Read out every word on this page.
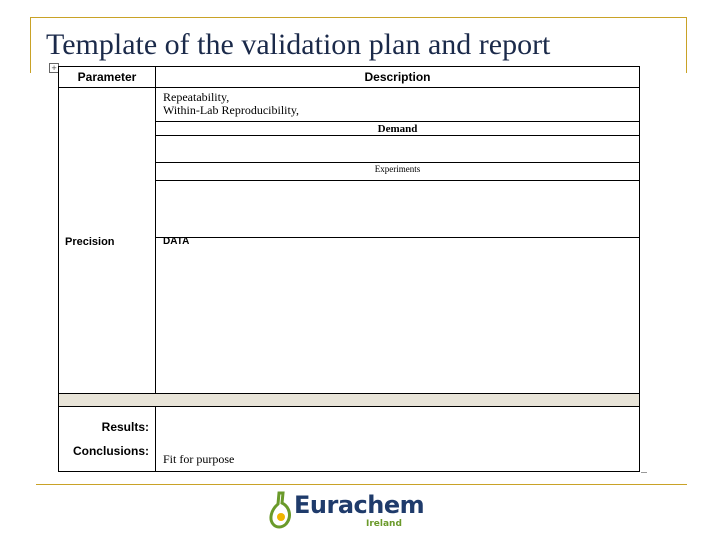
Template of the validation plan and report
+
Parameter	Description
Repeatability,
Within-Lab Reproducibility,
Demand
Experiments
DATA
Precision
Results:
Conclusions:
Fit for purpose
Eurachem
Ireland
